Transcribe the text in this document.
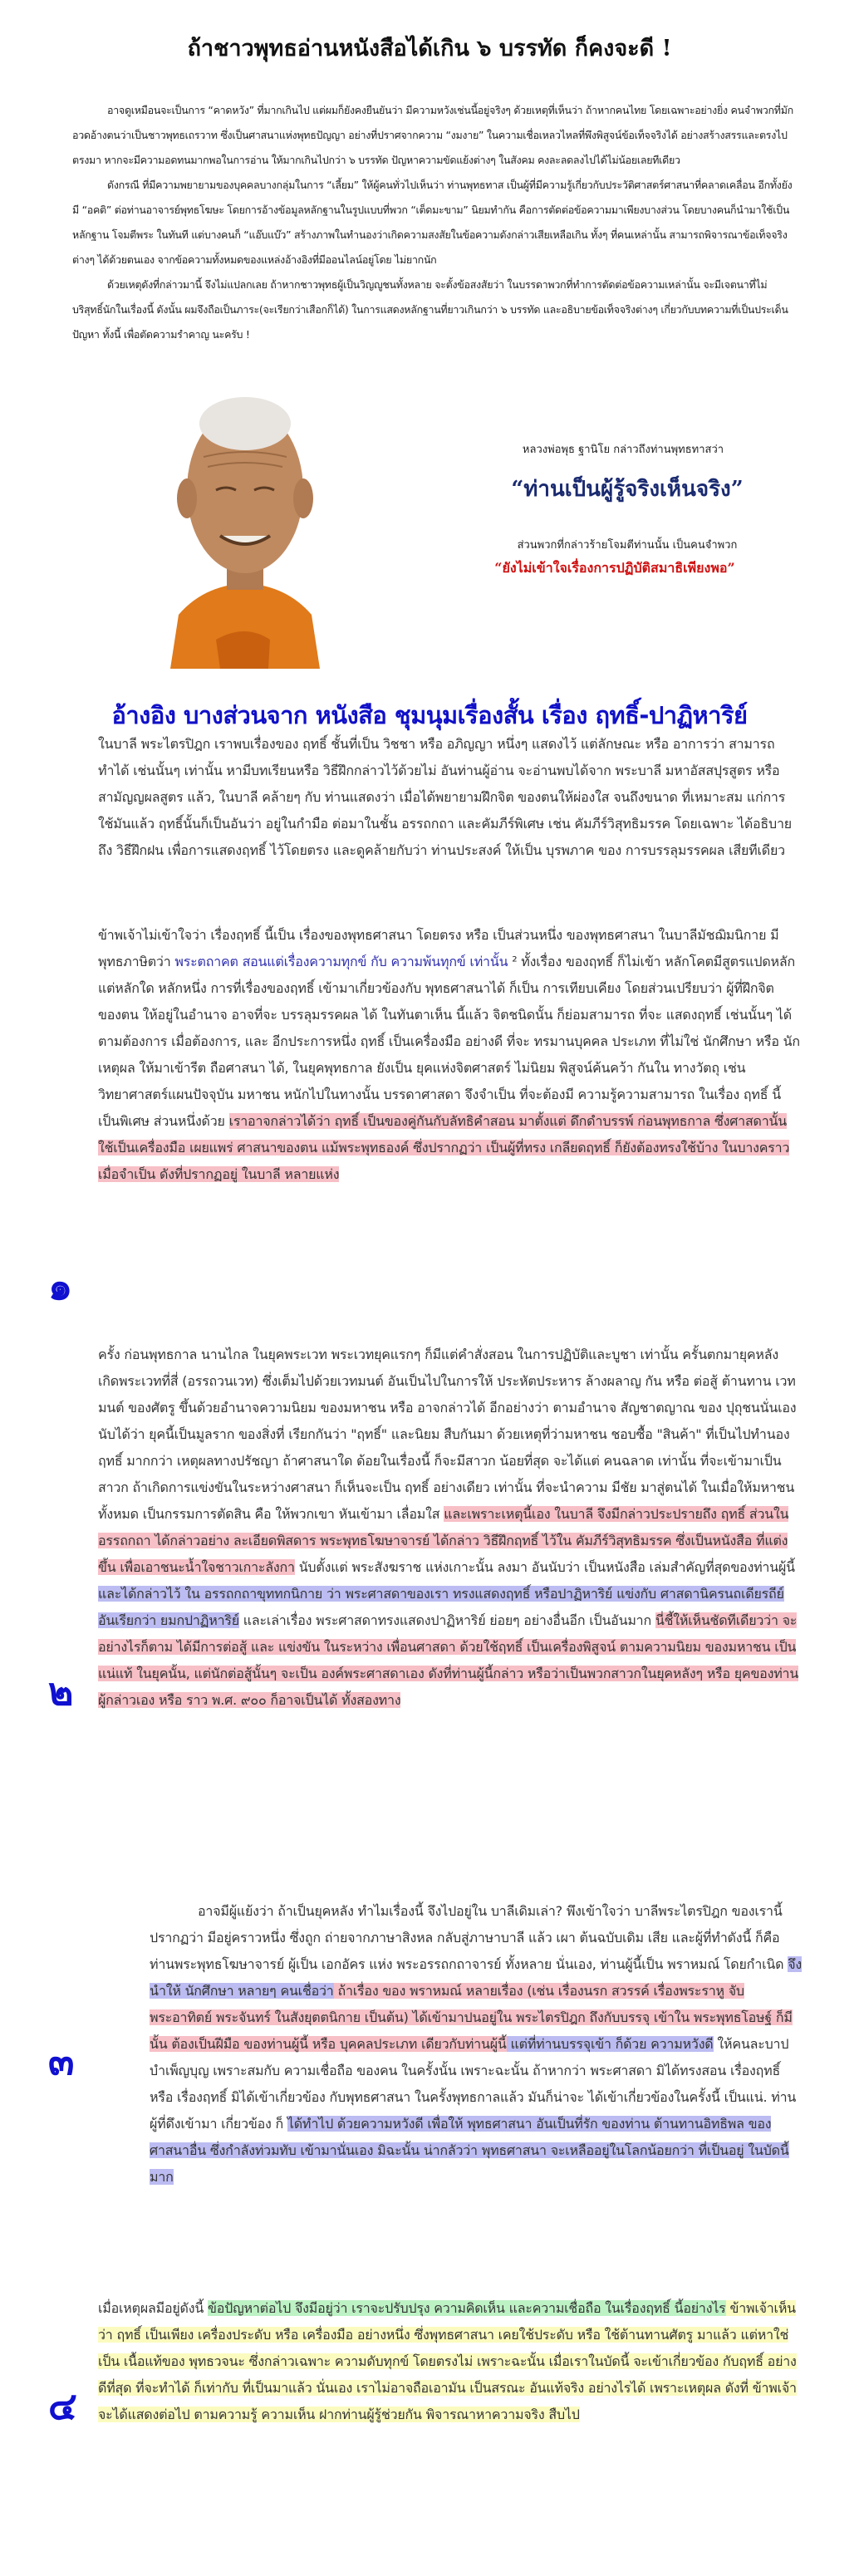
ถ้าชาวพุทธอ่านหนังสือได้เกิน ๖ บรรทัด ก็คงจะดี !

อาจดูเหมือนจะเป็นการ “คาดหวัง” ที่มากเกินไป แต่ผมก็ยังคงยืนยันว่า มีความหวังเช่นนี้อยู่จริงๆ ด้วยเหตุที่เห็นว่า ถ้าหากคนไทย โดยเฉพาะอย่างยิ่ง คนจำพวกที่มักอวดอ้างตนว่าเป็นชาวพุทธเถรวาท ซึ่งเป็นศาสนาแห่งพุทธปัญญา อย่างที่ปราศจากความ “งมงาย” ในความเชื่อเหลวไหลที่พึงพิสูจน์ข้อเท็จจริงได้ อย่างสร้างสรรและตรงไปตรงมา หากจะมีความอดทนมากพอในการอ่าน ให้มากเกินไปกว่า ๖ บรรทัด ปัญหาความขัดแย้งต่างๆ ในสังคม คงละลดลงไปได้ไม่น้อยเลยทีเดียว

ดังกรณี ที่มีความพยายามของบุคคลบางกลุ่มในการ “เลี้ยม” ให้ผู้คนทั่วไปเห็นว่า ท่านพุทธทาส เป็นผู้ที่มีความรู้เกี่ยวกับประวัติศาสตร์ศาสนาที่คลาดเคลื่อน อีกทั้งยังมี “อคติ” ต่อท่านอาจารย์พุทธโฆษะ โดยการอ้างข้อมูลหลักฐานในรูปแบบที่พวก “เต็ดมะขาม” นิยมทำกัน คือการตัดต่อข้อความมาเพียงบางส่วน โดยบางคนก็นำมาใช้เป็นหลักฐาน โจมตีพระ ในทันที แต่บางคนก็ “แอ๊บแบ๊ว” สร้างภาพในทำนองว่าเกิดความสงสัยในข้อความดังกล่าวเสียเหลือเกิน ทั้งๆ ที่คนเหล่านั้น สามารถพิจารณาข้อเท็จจริงต่างๆ ได้ด้วยตนเอง จากข้อความทั้งหมดของแหล่งอ้างอิงที่มีออนไลน์อยู่โดย ไม่ยากนัก

ด้วยเหตุดังที่กล่าวมานี้ จึงไม่แปลกเลย ถ้าหากชาวพุทธผู้เป็นวิญญูชนทั้งหลาย จะตั้งข้อสงสัยว่า ในบรรดาพวกที่ทำการตัดต่อข้อความเหล่านั้น จะมีเจตนาที่ไม่บริสุทธิ์นักในเรื่องนี้ ดังนั้น ผมจึงถือเป็นภาระ(จะเรียกว่าเสือกก็ได้) ในการแสดงหลักฐานที่ยาวเกินกว่า ๖ บรรทัด และอธิบายข้อเท็จจริงต่างๆ เกี่ยวกับบทความที่เป็นประเด็นปัญหา ทั้งนี้ เพื่อตัดความรำคาญ นะครับ !

หลวงพ่อพุธ ฐานิโย กล่าวถึงท่านพุทธทาสว่า
“ท่านเป็นผู้รู้จริงเห็นจริง”
ส่วนพวกที่กล่าวร้ายโจมตีท่านนั้น เป็นคนจำพวก
“ยังไม่เข้าใจเรื่องการปฏิบัติสมาธิเพียงพอ”
อ้างอิง บางส่วนจาก หนังสือ ชุมนุมเรื่องสั้น เรื่อง ฤทธิ์-ปาฏิหาริย์

ในบาลี พระไตรปิฎก เราพบเรื่องของ ฤทธิ์ ชั้นที่เป็น วิชชา หรือ อภิญญา หนึ่งๆ แสดงไว้ แต่ลักษณะ หรือ อาการว่า สามารถทำได้ เช่นนั้นๆ เท่านั้น หามีบทเรียนหรือ วิธีฝึกกล่าวไว้ด้วยไม่ อันท่านผู้อ่าน จะอ่านพบได้จาก พระบาลี มหาอัสสปุรสูตร หรือ สามัญญผลสูตร แล้ว, ในบาลี คล้ายๆ กับ ท่านแสดงว่า เมื่อได้พยายามฝึกจิต ของตนให้ผ่องใส จนถึงขนาด ที่เหมาะสม แก่การใช้มันแล้ว ฤทธิ์นั้นก็เป็นอันว่า อยู่ในกำมือ ต่อมาในชั้น อรรถกถา และคัมภีร์พิเศษ เช่น คัมภีร์วิสุทธิมรรค โดยเฉพาะ ได้อธิบายถึง วิธีฝึกฝน เพื่อการแสดงฤทธิ์ ไว้โดยตรง และดูคล้ายกับว่า ท่านประสงค์ ให้เป็น บุรพภาค ของ การบรรลุมรรคผล เสียทีเดียว

ข้าพเจ้าไม่เข้าใจว่า เรื่องฤทธิ์ นี้เป็น เรื่องของพุทธศาสนา โดยตรง หรือ เป็นส่วนหนึ่ง ของพุทธศาสนา ในบาลีมัชฌิมนิกาย มีพุทธภาษิตว่า พระตถาคต สอนแต่เรื่องความทุกข์ กับ ความพ้นทุกข์ เท่านั้น ² ทั้งเรื่อง ของฤทธิ์ ก็ไม่เข้า หลักโคตมีสูตรแปดหลัก แต่หลักใด หลักหนึ่ง การที่เรื่องของฤทธิ์ เข้ามาเกี่ยวข้องกับ พุทธศาสนาได้ ก็เป็น การเทียบเคียง โดยส่วนเปรียบว่า ผู้ที่ฝึกจิต ของตน ให้อยู่ในอำนาจ อาจที่จะ บรรลุมรรคผล ได้ ในทันตาเห็น นี้แล้ว จิตชนิดนั้น ก็ย่อมสามารถ ที่จะ แสดงฤทธิ์ เช่นนั้นๆ ได้ ตามต้องการ เมื่อต้องการ, และ อีกประการหนึ่ง ฤทธิ์ เป็นเครื่องมือ อย่างดี ที่จะ ทรมานบุคคล ประเภท ที่ไม่ใช่ นักศึกษา หรือ นักเหตุผล ให้มาเข้ารีต ถือศาสนา ได้, ในยุคพุทธกาล ยังเป็น ยุคแห่งจิตศาสตร์ ไม่นิยม พิสูจน์ค้นคว้า กันใน ทางวัตถุ เช่น วิทยาศาสตร์แผนปัจจุบัน มหาชน หนักไปในทางนั้น บรรดาศาสดา จึงจำเป็น ที่จะต้องมี ความรู้ความสามารถ ในเรื่อง ฤทธิ์ นี้เป็นพิเศษ ส่วนหนึ่งด้วย เราอาจกล่าวได้ว่า ฤทธิ์ เป็นของคู่กันกับลัทธิคำสอน มาตั้งแต่ ดึกดำบรรพ์ ก่อนพุทธกาล ซึ่งศาสดานั้น ใช้เป็นเครื่องมือ เผยแพร่ ศาสนาของตน แม้พระพุทธองค์ ซึ่งปรากฏว่า เป็นผู้ที่ทรง เกลียดฤทธิ์ ก็ยังต้องทรงใช้บ้าง ในบางคราว เมื่อจำเป็น ดังที่ปรากฏอยู่ ในบาลี หลายแห่ง

ครั้ง ก่อนพุทธกาล นานไกล ในยุคพระเวท พระเวทยุคแรกๆ ก็มีแต่คำสั่งสอน ในการปฏิบัติและบูชา เท่านั้น ครั้นตกมายุคหลัง เกิดพระเวทที่สี่ (อรรถวนเวท) ซึ่งเต็มไปด้วยเวทมนต์ อันเป็นไปในการให้ ประหัตประหาร ล้างผลาญ กัน หรือ ต่อสู้ ต้านทาน เวทมนต์ ของศัตรู ขึ้นด้วยอำนาจความนิยม ของมหาชน หรือ อาจกล่าวได้ อีกอย่างว่า ตามอำนาจ สัญชาตญาณ ของ ปุถุชนนั่นเอง นับได้ว่า ยุคนี้เป็นมูลราก ของสิ่งที่ เรียกกันว่า "ฤทธิ์" และนิยม สืบกันมา ด้วยเหตุที่ว่ามหาชน ชอบซื้อ "สินค้า" ที่เป็นไปทำนองฤทธิ์ มากกว่า เหตุผลทางปรัชญา ถ้าศาสนาใด ด้อยในเรื่องนี้ ก็จะมีสาวก น้อยที่สุด จะได้แต่ คนฉลาด เท่านั้น ที่จะเข้ามาเป็นสาวก ถ้าเกิดการแข่งขันในระหว่างศาสนา ก็เห็นจะเป็น ฤทธิ์ อย่างเดียว เท่านั้น ที่จะนำความ มีชัย มาสู่ตนได้ ในเมื่อให้มหาชนทั้งหมด เป็นกรรมการตัดสิน คือ ให้พวกเขา หันเข้ามา เลื่อมใส และเพราะเหตุนี้เอง ในบาลี จึงมีกล่าวประปรายถึง ฤทธิ์ ส่วนในอรรถกถา ได้กล่าวอย่าง ละเอียดพิสดาร พระพุทธโฆษาจารย์ ได้กล่าว วิธีฝึกฤทธิ์ ไว้ใน คัมภีร์วิสุทธิมรรค ซึ่งเป็นหนังสือ ที่แต่งขึ้น เพื่อเอาชนะน้ำใจชาวเกาะลังกา นับตั้งแต่ พระสังฆราช แห่งเกาะนั้น ลงมา อันนับว่า เป็นหนังสือ เล่มสำคัญที่สุดของท่านผู้นี้ และได้กล่าวไว้ ใน อรรถกถาขุททกนิกาย ว่า พระศาสดาของเรา ทรงแสดงฤทธิ์ หรือปาฏิหาริย์ แข่งกับ ศาสดานิครนถเดียรถีย์ อันเรียกว่า ยมกปาฏิหาริย์ และเล่าเรื่อง พระศาสดาทรงแสดงปาฏิหาริย์ ย่อยๆ อย่างอื่นอีก เป็นอันมาก นี่ชี้ให้เห็นชัดทีเดียวว่า จะอย่างไรก็ตาม ได้มีการต่อสู้ และ แข่งขัน ในระหว่าง เพื่อนศาสดา ด้วยใช้ฤทธิ์ เป็นเครื่องพิสูจน์ ตามความนิยม ของมหาชน เป็นแน่แท้ ในยุคนั้น, แต่นักต่อสู้นั้นๆ จะเป็น องค์พระศาสดาเอง ดังที่ท่านผู้นี้กล่าว หรือว่าเป็นพวกสาวกในยุคหลังๆ หรือ ยุคของท่านผู้กล่าวเอง หรือ ราว พ.ศ. ๙๐๐ ก็อาจเป็นได้ ทั้งสองทาง

อาจมีผู้แย้งว่า ถ้าเป็นยุคหลัง ทำไมเรื่องนี้ จึงไปอยู่ใน บาลีเดิมเล่า? พึงเข้าใจว่า บาลีพระไตรปิฎก ของเรานี้ ปรากฏว่า มีอยู่คราวหนึ่ง ซึ่งถูก ถ่ายจากภาษาสิงหล กลับสู่ภาษาบาลี แล้ว เผา ต้นฉบับเดิม เสีย และผู้ที่ทำดังนี้ ก็คือ ท่านพระพุทธโฆษาจารย์ ผู้เป็น เอกอัคร แห่ง พระอรรถกถาจารย์ ทั้งหลาย นั่นเอง, ท่านผู้นี้เป็น พราหมณ์ โดยกำเนิด จึงนำให้ นักศึกษา หลายๆ คนเชื่อว่า ถ้าเรื่อง ของ พราหมณ์ หลายเรื่อง (เช่น เรื่องนรก สวรรค์ เรื่องพระราหู จับพระอาทิตย์ พระจันทร์ ในสังยุตตนิกาย เป็นต้น) ได้เข้ามาปนอยู่ใน พระไตรปิฎก ถึงกับบรรจุ เข้าใน พระพุทธโอษฐ์ ก็มีนั้น ต้องเป็นฝีมือ ของท่านผู้นี้ หรือ บุคคลประเภท เดียวกับท่านผู้นี้ แต่ที่ท่านบรรจุเข้า ก็ด้วย ความหวังดี ให้คนละบาปบำเพ็ญบุญ เพราะสมกับ ความเชื่อถือ ของคน ในครั้งนั้น เพราะฉะนั้น ถ้าหากว่า พระศาสดา มิได้ทรงสอน เรื่องฤทธิ์ หรือ เรื่องฤทธิ์ มิได้เข้าเกี่ยวข้อง กับพุทธศาสนา ในครั้งพุทธกาลแล้ว มันก็น่าจะ ได้เข้าเกี่ยวข้องในครั้งนี้ เป็นแน่. ท่านผู้ที่ดึงเข้ามา เกี่ยวข้อง ก็ ได้ทำไป ด้วยความหวังดี เพื่อให้ พุทธศาสนา อันเป็นที่รัก ของท่าน ต้านทานอิทธิพล ของศาสนาอื่น ซึ่งกำลังท่วมทับ เข้ามานั่นเอง มิฉะนั้น น่ากลัวว่า พุทธศาสนา จะเหลืออยู่ในโลกน้อยกว่า ที่เป็นอยู่ ในบัดนี้มาก

เมื่อเหตุผลมีอยู่ดังนี้ ข้อปัญหาต่อไป จึงมีอยู่ว่า เราจะปรับปรุง ความคิดเห็น และความเชื่อถือ ในเรื่องฤทธิ์ นี้อย่างไร ข้าพเจ้าเห็นว่า ฤทธิ์ เป็นเพียง เครื่องประดับ หรือ เครื่องมือ อย่างหนึ่ง ซึ่งพุทธศาสนา เคยใช้ประดับ หรือ ใช้ต้านทานศัตรู มาแล้ว แต่หาใช่เป็น เนื้อแท้ของ พุทธวจนะ ซึ่งกล่าวเฉพาะ ความดับทุกข์ โดยตรงไม่ เพราะฉะนั้น เมื่อเราในบัดนี้ จะเข้าเกี่ยวข้อง กับฤทธิ์ อย่างดีที่สุด ที่จะทำได้ ก็เท่ากับ ที่เป็นมาแล้ว นั่นเอง เราไม่อาจถือเอามัน เป็นสรณะ อันแท้จริง อย่างไรได้ เพราะเหตุผล ดังที่ ข้าพเจ้า จะได้แสดงต่อไป ตามความรู้ ความเห็น ฝากท่านผู้รู้ช่วยกัน พิจารณาหาความจริง สืบไป

๑
๒
๓
๔
